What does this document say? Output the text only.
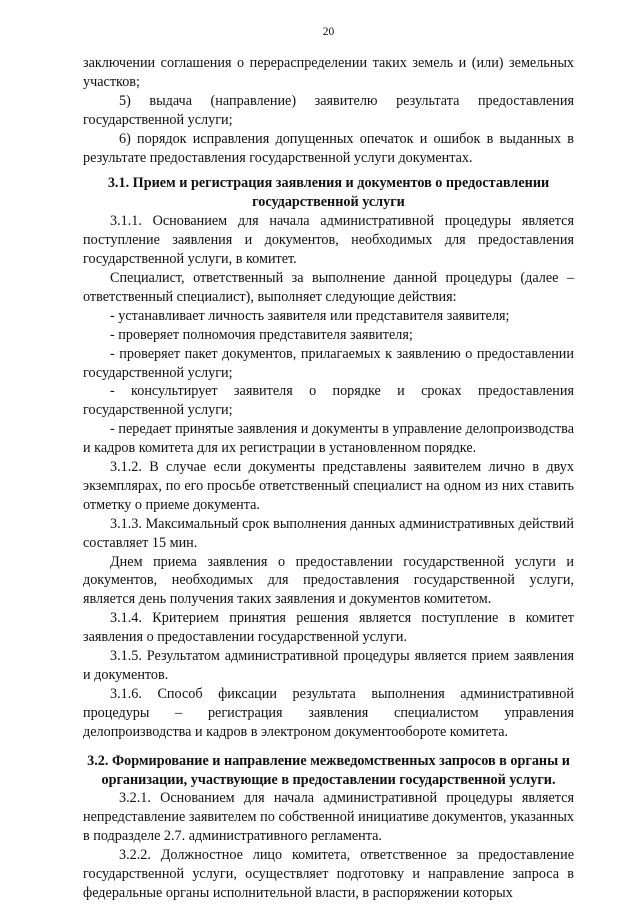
20

заключении соглашения о перераспределении таких земель и (или) земельных участков;

5) выдача (направление) заявителю результата предоставления государственной услуги;

6) порядок исправления допущенных опечаток и ошибок в выданных в результате предоставления государственной услуги документах.

3.1. Прием и регистрация заявления и документов о предоставлении государственной услуги

3.1.1. Основанием для начала административной процедуры является поступление заявления и документов, необходимых для предоставления государственной услуги, в комитет.

Специалист, ответственный за выполнение данной процедуры (далее – ответственный специалист), выполняет следующие действия:

- устанавливает личность заявителя или представителя заявителя;

- проверяет полномочия представителя заявителя;

- проверяет пакет документов, прилагаемых к заявлению о предоставлении государственной услуги;

- консультирует заявителя о порядке и сроках предоставления государственной услуги;

- передает принятые заявления и документы в управление делопроизводства и кадров комитета для их регистрации в установленном порядке.

3.1.2. В случае если документы представлены заявителем лично в двух экземплярах, по его просьбе ответственный специалист на одном из них ставить отметку о приеме документа.

3.1.3. Максимальный срок выполнения данных административных действий составляет 15 мин.

Днем приема заявления о предоставлении государственной услуги и документов, необходимых для предоставления государственной услуги, является день получения таких заявления и документов комитетом.

3.1.4. Критерием принятия решения является поступление в комитет заявления о предоставлении государственной услуги.

3.1.5. Результатом административной процедуры является прием заявления и документов.

3.1.6. Способ фиксации результата выполнения административной процедуры – регистрация заявления специалистом управления делопроизводства и кадров в электроном документообороте комитета.

3.2. Формирование и направление межведомственных запросов в органы и организации, участвующие в предоставлении государственной услуги.

3.2.1. Основанием для начала административной процедуры является непредставление заявителем по собственной инициативе документов, указанных в подразделе 2.7. административного регламента.

3.2.2. Должностное лицо комитета, ответственное за предоставление государственной услуги, осуществляет подготовку и направление запроса в федеральные органы исполнительной власти, в распоряжении которых
